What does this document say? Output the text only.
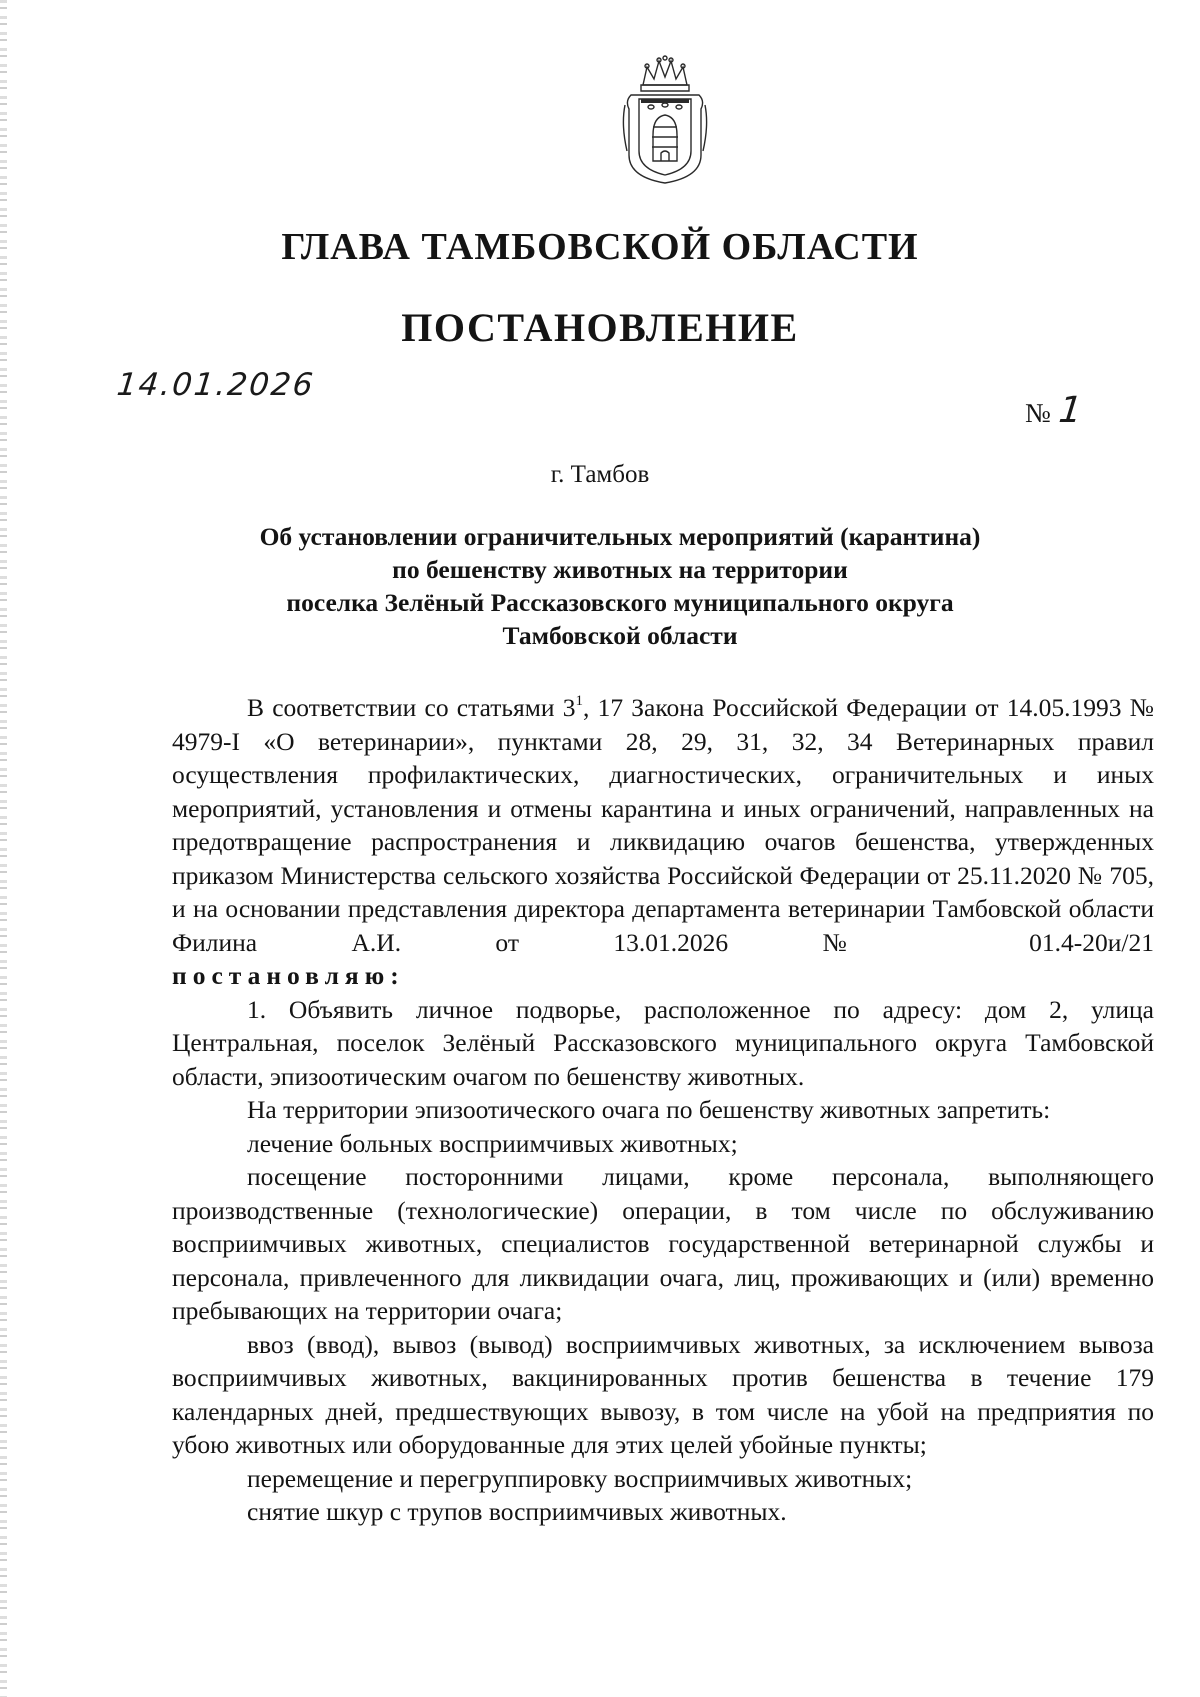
ГЛАВА ТАМБОВСКОЙ ОБЛАСТИ
ПОСТАНОВЛЕНИЕ
14.01.2026
№ 1
г. Тамбов
Об установлении ограничительных мероприятий (карантина)
по бешенству животных на территории
поселка Зелёный Рассказовского муниципального округа
Тамбовской области

В соответствии со статьями $3^1$, 17 Закона Российской Федерации от 14.05.1993 № 4979-I «О ветеринарии», пунктами 28, 29, 31, 32, 34 Ветеринарных правил осуществления профилактических, диагностических, ограничительных и иных мероприятий, установления и отмены карантина и иных ограничений, направленных на предотвращение распространения и ликвидацию очагов бешенства, утвержденных приказом Министерства сельского хозяйства Российской Федерации от 25.11.2020 № 705, и на основании представления директора департамента ветеринарии Тамбовской области Филина А.И. от 13.01.2026 № 01.4-20и/21

постановляю:

1. Объявить личное подворье, расположенное по адресу: дом 2, улица Центральная, поселок Зелёный Рассказовского муниципального округа Тамбовской области, эпизоотическим очагом по бешенству животных.

На территории эпизоотического очага по бешенству животных запретить:

лечение больных восприимчивых животных;

посещение посторонними лицами, кроме персонала, выполняющего производственные (технологические) операции, в том числе по обслуживанию восприимчивых животных, специалистов государственной ветеринарной службы и персонала, привлеченного для ликвидации очага, лиц, проживающих и (или) временно пребывающих на территории очага;

ввоз (ввод), вывоз (вывод) восприимчивых животных, за исключением вывоза восприимчивых животных, вакцинированных против бешенства в течение 179 календарных дней, предшествующих вывозу, в том числе на убой на предприятия по убою животных или оборудованные для этих целей убойные пункты;

перемещение и перегруппировку восприимчивых животных;

снятие шкур с трупов восприимчивых животных.
